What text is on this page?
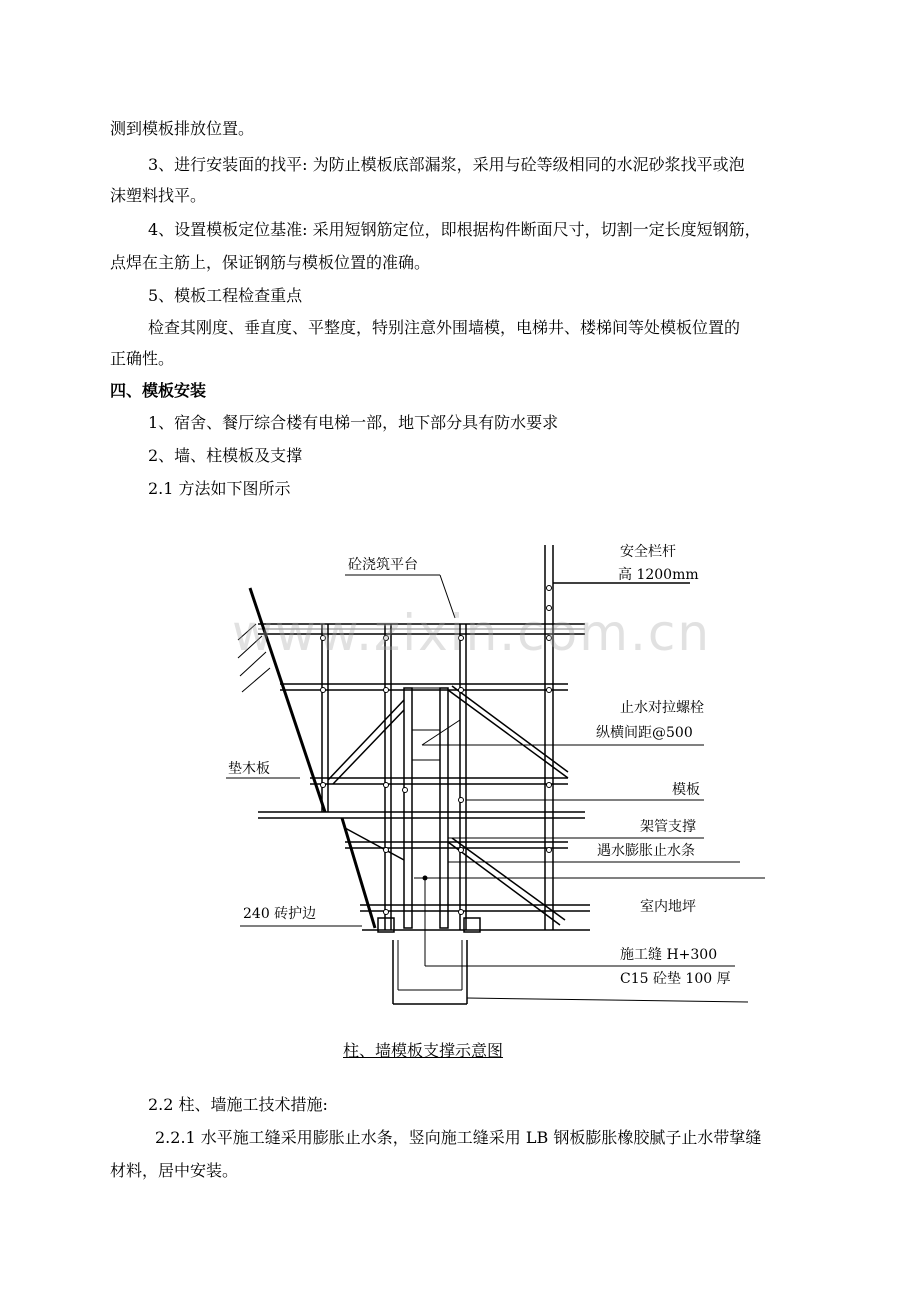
测到模板排放位置。

3、进行安装面的找平: 为防止模板底部漏浆，采用与砼等级相同的水泥砂浆找平或泡

沫塑料找平。

4、设置模板定位基准: 采用短钢筋定位，即根据构件断面尺寸，切割一定长度短钢筋，

点焊在主筋上，保证钢筋与模板位置的准确。

5、模板工程检查重点

检查其刚度、垂直度、平整度，特别注意外围墙模，电梯井、楼梯间等处模板位置的

正确性。

四、模板安装

1、宿舍、餐厅综合楼有电梯一部，地下部分具有防水要求

2、墙、柱模板及支撑

2.1 方法如下图所示

砼浇筑平台
安全栏杆
高 1200mm
止水对拉螺栓
纵横间距@500
垫木板
模板
架管支撑
遇水膨胀止水条
240 砖护边	室内地坪
施工缝 H+300
C15 砼垫 100 厚
www.zixin.com.cn
柱、墙模板支撑示意图

2.2 柱、墙施工技术措施:

2.2.1 水平施工缝采用膨胀止水条，竖向施工缝采用 LB 钢板膨胀橡胶腻子止水带㧳缝

材料，居中安装。
